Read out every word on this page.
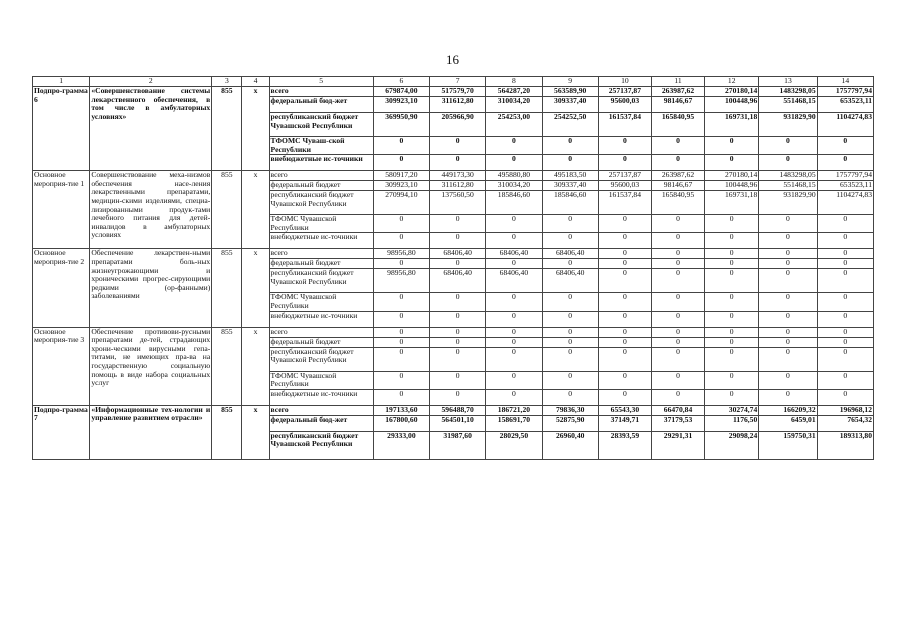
16
1	2	3	4	5	6	7	8	9	10	11	12	13	14
Подпро-грамма 6	«Совершенствование системы лекарственного обеспечения, в том числе в амбулаторных условиях»	855	x	всего	679874,00	517579,70	564287,20	563589,90	257137,87	263987,62	270180,14	1483298,05	1757797,94
				федеральный бюд-жет	309923,10	311612,80	310034,20	309337,40	95600,03	98146,67	100448,96	551468,15	653523,11
				республиканский бюджет Чувашской Республики	369950,90	205966,90	254253,00	254252,50	161537,84	165840,95	169731,18	931829,90	1104274,83
				ТФОМС Чуваш-ской Республики	0	0	0	0	0	0	0	0	0
				внебюджетные ис-точники	0	0	0	0	0	0	0	0	0
Основное мероприя-тие 1	Совершенствование меха-низмов обеспечения насе-ления лекарственными препаратами, медицин-скими изделиями, специа-лизированными продук-тами лечебного питания для детей-инвалидов в амбулаторных условиях	855	x	всего	580917,20	449173,30	495880,80	495183,50	257137,87	263987,62	270180,14	1483298,05	1757797,94
				федеральный бюджет	309923,10	311612,80	310034,20	309337,40	95600,03	98146,67	100448,96	551468,15	653523,11
				республиканский бюджет Чувашской Республики	270994,10	137560,50	185846,60	185846,60	161537,84	165840,95	169731,18	931829,90	1104274,83
				ТФОМС Чувашской Республики	0	0	0	0	0	0	0	0	0
				внебюджетные ис-точники	0	0	0	0	0	0	0	0	0
Основное мероприя-тие 2	Обеспечение лекарствен-ными препаратами боль-ных жизнеугрожающими и хроническими прогрес-сирующими редкими (ор-фанными) заболеваниями	855	x	всего	98956,80	68406,40	68406,40	68406,40	0	0	0	0	0
				федеральный бюджет	0	0	0	0	0	0	0	0	0
				республиканский бюджет Чувашской Республики	98956,80	68406,40	68406,40	68406,40	0	0	0	0	0
				ТФОМС Чувашской Республики	0	0	0	0	0	0	0	0	0
				внебюджетные ис-точники	0	0	0	0	0	0	0	0	0
Основное мероприя-тие 3	Обеспечение противови-русными препаратами де-тей, страдающих хрони-ческими вирусными гепа-титами, не имеющих пра-ва на государственную социальную помощь в виде набора социальных услуг	855	x	всего	0	0	0	0	0	0	0	0	0
				федеральный бюджет	0	0	0	0	0	0	0	0	0
				республиканский бюджет Чувашской Республики	0	0	0	0	0	0	0	0	0
				ТФОМС Чувашской Республики	0	0	0	0	0	0	0	0	0
				внебюджетные ис-точники	0	0	0	0	0	0	0	0	0
Подпро-грамма 7	«Информационные тех-нологии и управление развитием отрасли»	855	x	всего	197133,60	596488,70	186721,20	79836,30	65543,30	66470,84	30274,74	166209,32	196968,12
				федеральный бюд-жет	167800,60	564501,10	158691,70	52875,90	37149,71	37179,53	1176,50	6459,01	7654,32
				республиканский бюджет Чувашской Республики	29333,00	31987,60	28029,50	26960,40	28393,59	29291,31	29098,24	159750,31	189313,80
